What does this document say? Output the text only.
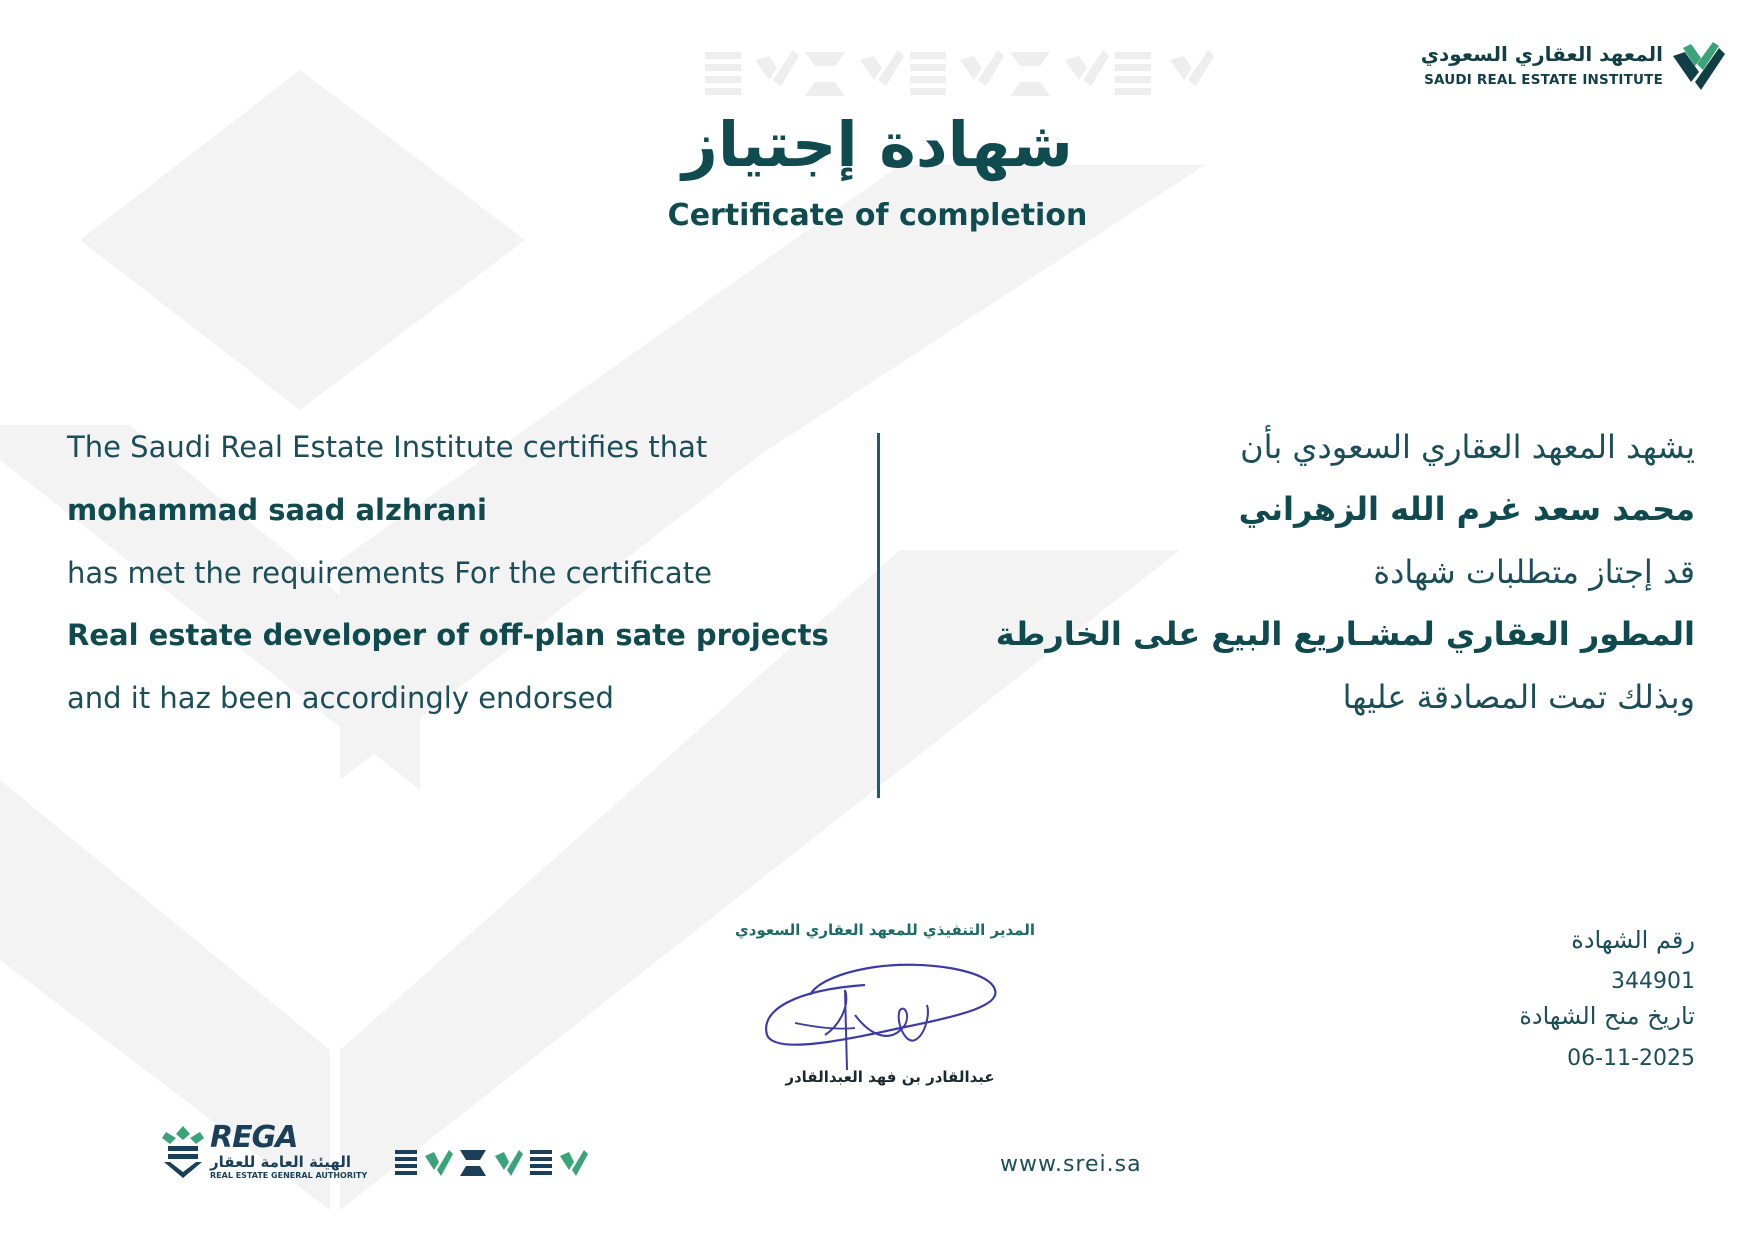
المعهد العقاري السعودي
SAUDI REAL ESTATE INSTITUTE
شهادة إجتياز
Certificate of completion
The Saudi Real Estate Institute certifies that
mohammad saad alzhrani
has met the requirements For the certificate
Real estate developer of off-plan sate projects
and it haz been accordingly endorsed
يشهد المعهد العقاري السعودي بأن
محمد سعد غرم الله الزهراني
قد إجتاز متطلبات شهادة
المطور العقاري لمشـاريع البيع على الخارطة
وبذلك تمت المصادقة عليها
المدير التنفيذي للمعهد العقاري السعودي
عبدالقادر بن فهد العبدالقادر
رقم الشهادة
344901
تاريخ منح الشهادة
06-11-2025
REGA
الهيئة العامة للعقار
REAL ESTATE GENERAL AUTHORITY	www.srei.sa
